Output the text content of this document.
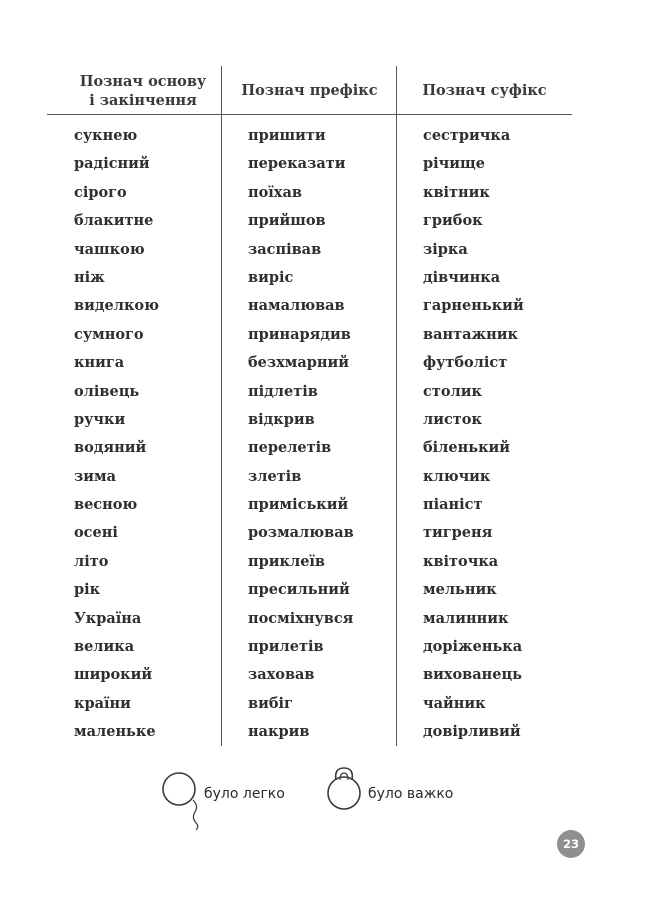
Познач основу
і закінчення
Познач префікс	Познач суфікс
сукнею
радісний
сірого
блакитне
чашкою
ніж
виделкою
сумного
книга
олівець
ручки
водяний
зима
весною
осені
літо
рік
Україна
велика
широкий
країни
маленьке
пришити
переказати
поїхав
прийшов
заспівав
виріс
намалював
принарядив
безхмарний
підлетів
відкрив
перелетів
злетів
приміський
розмалював
приклеїв
пресильний
посміхнувся
прилетів
заховав
вибіг
накрив
сестричка
річище
квітник
грибок
зірка
дівчинка
гарненький
вантажник
футболіст
столик
листок
біленький
ключик
піаніст
тигреня
квіточка
мельник
малинник
доріженька
вихованець
чайник
довірливий
було легко	було важко
23
